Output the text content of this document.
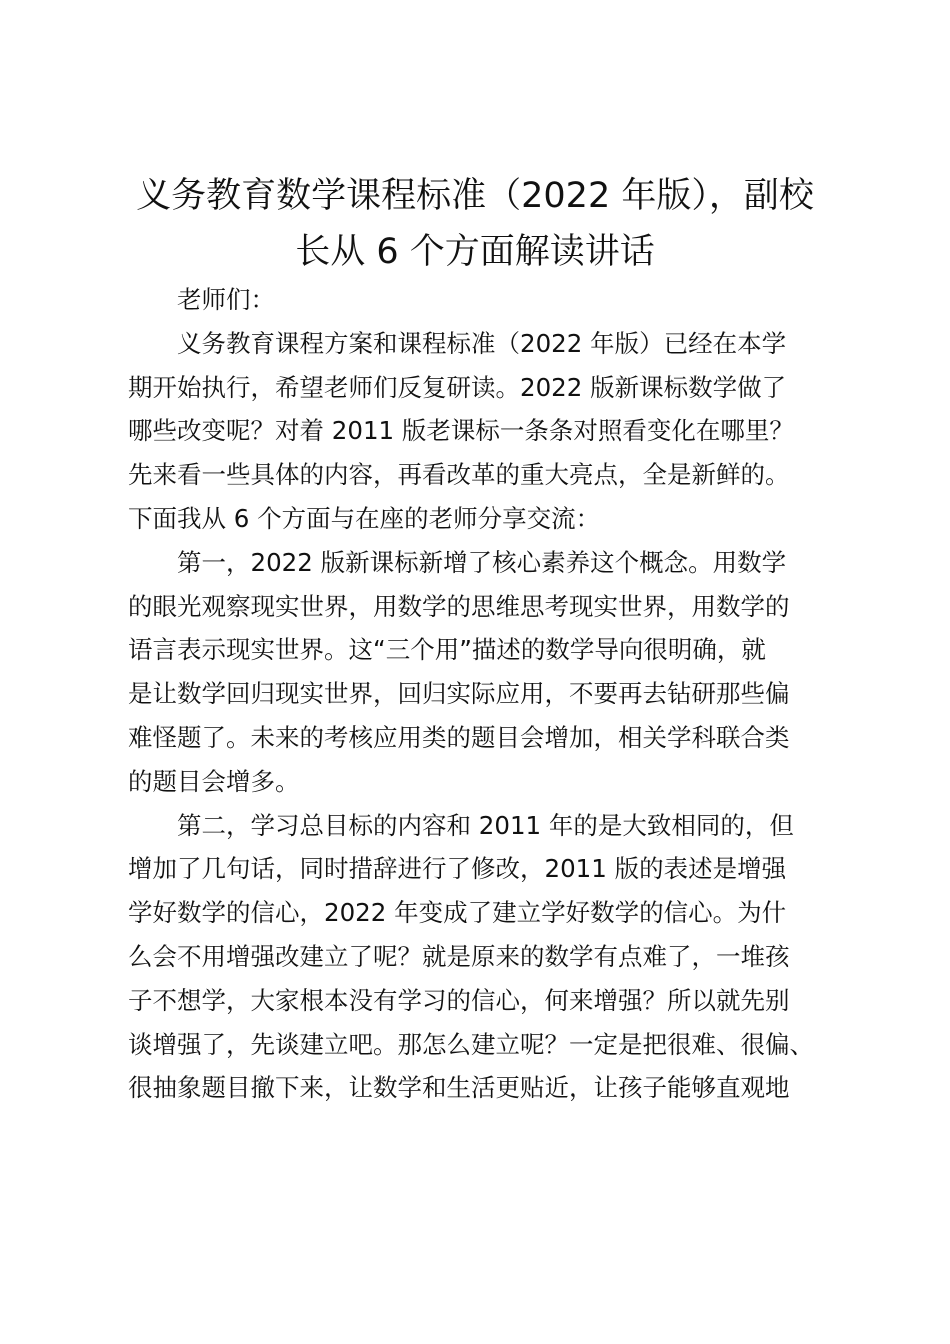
义务教育数学课程标准（2022 年版），副校
长从 6 个方面解读讲话

老师们：

义务教育课程方案和课程标准（2022 年版）已经在本学

期开始执行，希望老师们反复研读。2022 版新课标数学做了

哪些改变呢？对着 2011 版老课标一条条对照看变化在哪里？

先来看一些具体的内容，再看改革的重大亮点，全是新鲜的。

下面我从 6 个方面与在座的老师分享交流：

第一，2022 版新课标新增了核心素养这个概念。用数学

的眼光观察现实世界，用数学的思维思考现实世界，用数学的

语言表示现实世界。这“三个用”描述的数学导向很明确，就

是让数学回归现实世界，回归实际应用，不要再去钻研那些偏

难怪题了。未来的考核应用类的题目会增加，相关学科联合类

的题目会增多。

第二，学习总目标的内容和 2011 年的是大致相同的，但

增加了几句话，同时措辞进行了修改，2011 版的表述是增强

学好数学的信心，2022 年变成了建立学好数学的信心。为什

么会不用增强改建立了呢？就是原来的数学有点难了，一堆孩

子不想学，大家根本没有学习的信心，何来增强？所以就先别

谈增强了，先谈建立吧。那怎么建立呢？一定是把很难、很偏、

很抽象题目撤下来，让数学和生活更贴近，让孩子能够直观地
